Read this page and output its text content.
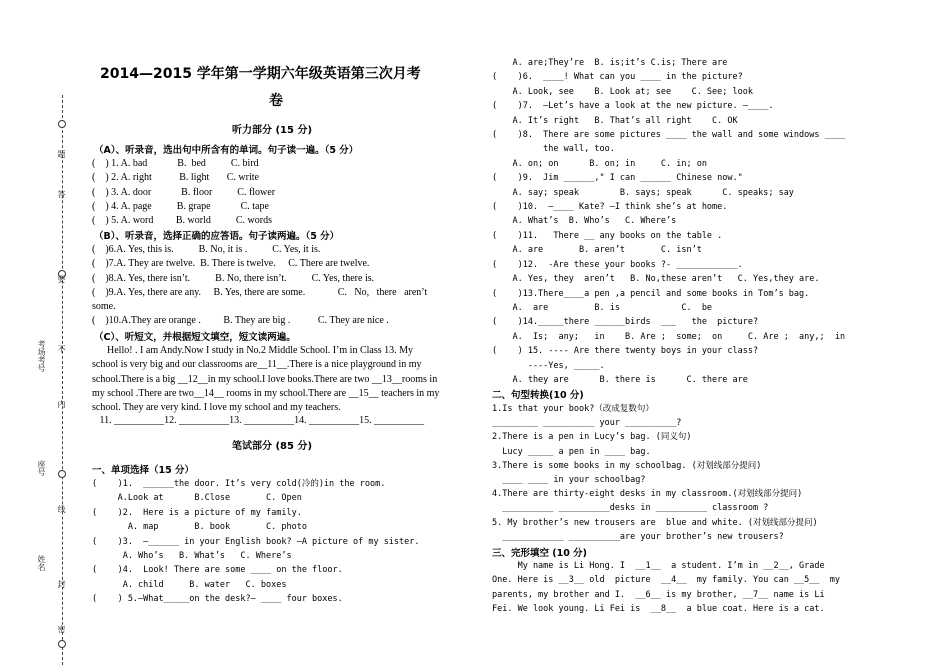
答
题
要
不
内
线
封
密
考场考号
座号
姓名
2014—2015 学年第一学期六年级英语第三次月考
卷
听力部分 (15 分)
（A）、听录音，选出句中所含有的单词。句子读一遍。（5 分）
(    ) 1. A. bad            B.  bed          C. bird
(    ) 2. A. right           B. light       C. write
(    ) 3. A. door            B. floor          C. flower
(    ) 4. A. page          B. grape            C. tape
(    ) 5. A. word         B. world          C. words
（B）、听录音，选择正确的应答语。句子读两遍。（5 分）
(    )6.A. Yes, this is.          B. No, it is .          C. Yes, it is.
(    )7.A. They are twelve.  B. There is twelve.     C. There are twelve.
(    )8.A. Yes, there isn’t.          B. No, there isn’t.          C. Yes, there is.
(    )9.A. Yes, there are any.     B. Yes, there are some.             C.   No,   there   aren’t
some.
(    )10.A.They are orange .         B. They are big .           C. They are nice .
（C）、听短文，并根据短文填空，短文读两遍。
Hello! . I am Andy.Now I study in No.2 Middle School. I’m in Class 13. My
school is very big and our classrooms are__11__.There is a nice playground in my
school.There is a big __12__in my school.I love books.There are two __13__rooms in
my school .There are two__14__ rooms in my school.There are __15__ teachers in my
school. They are very kind. I love my school and my teachers.
11. __________12. __________13. __________14. __________15. __________
笔试部分 (85 分)
一、单项选择（15 分）
(    )1.  ______the door. It’s very cold(冷的)in the room.
A.Look at      B.Close       C. Open
(    )2.  Here is a picture of my family.
A. map       B. book       C. photo
(    )3.  —______ in your English book? —A picture of my sister.
A. Who’s   B. What’s   C. Where’s
(    )4.  Look! There are some ____ on the floor.
A. child     B. water   C. boxes
(    ) 5.—What_____on the desk?— ____ four boxes.
A. are;They’re  B. is;it’s C.is; There are
(    )6.  ____! What can you ____ in the picture?
A. Look, see    B. Look at; see    C. See; look
(    )7.  —Let’s have a look at the new picture. —____.
A. It’s right   B. That’s all right    C. OK
(    )8.  There are some pictures ____ the wall and some windows ____
the wall, too.
A. on; on      B. on; in     C. in; on
(    )9.  Jim ______," I can ______ Chinese now."
A. say; speak        B. says; speak      C. speaks; say
(    )10.  —____ Kate? —I think she’s at home.
A. What’s  B. Who’s   C. Where’s
(    )11.   There __ any books on the table .
A. are       B. aren’t       C. isn’t
(    )12.  -Are these your books ?- ____________.
A. Yes, they  aren’t   B. No,these aren’t   C. Yes,they are.
(    )13.There____a pen ,a pencil and some books in Tom’s bag.
A.  are         B. is            C.  be
(    )14._____there ______birds  ___   the  picture?
A.  Is;  any;   in    B. Are ;  some;  on     C. Are ;  any,;  in
(    ) 15. ---- Are there twenty boys in your class?
----Yes, _____.
A. they are      B. there is      C. there are
二、句型转换(10 分)
1.Is that your book?（改成复数句）
_________ __________ your __________?
2.There is a pen in Lucy’s bag. (同义句)
Lucy _____ a pen in ____ bag.
3.There is some books in my schoolbag. (对划线部分提问)
____ ____ in your schoolbag?
4.There are thirty-eight desks in my classroom.(对划线部分提问)
__________ __________desks in __________ classroom ?
5. My brother’s new trousers are  blue and white. (对划线部分提问)
____________ __________are your brother’s new trousers?
三、完形填空 (10 分)
My name is Li Hong. I  __1__  a student. I’m in __2__, Grade
One. Here is __3__ old  picture  __4__  my family. You can __5__  my
parents, my brother and I.  __6__ is my brother, __7__ name is Li
Fei. We look young. Li Fei is  __8__  a blue coat. Here is a cat.
